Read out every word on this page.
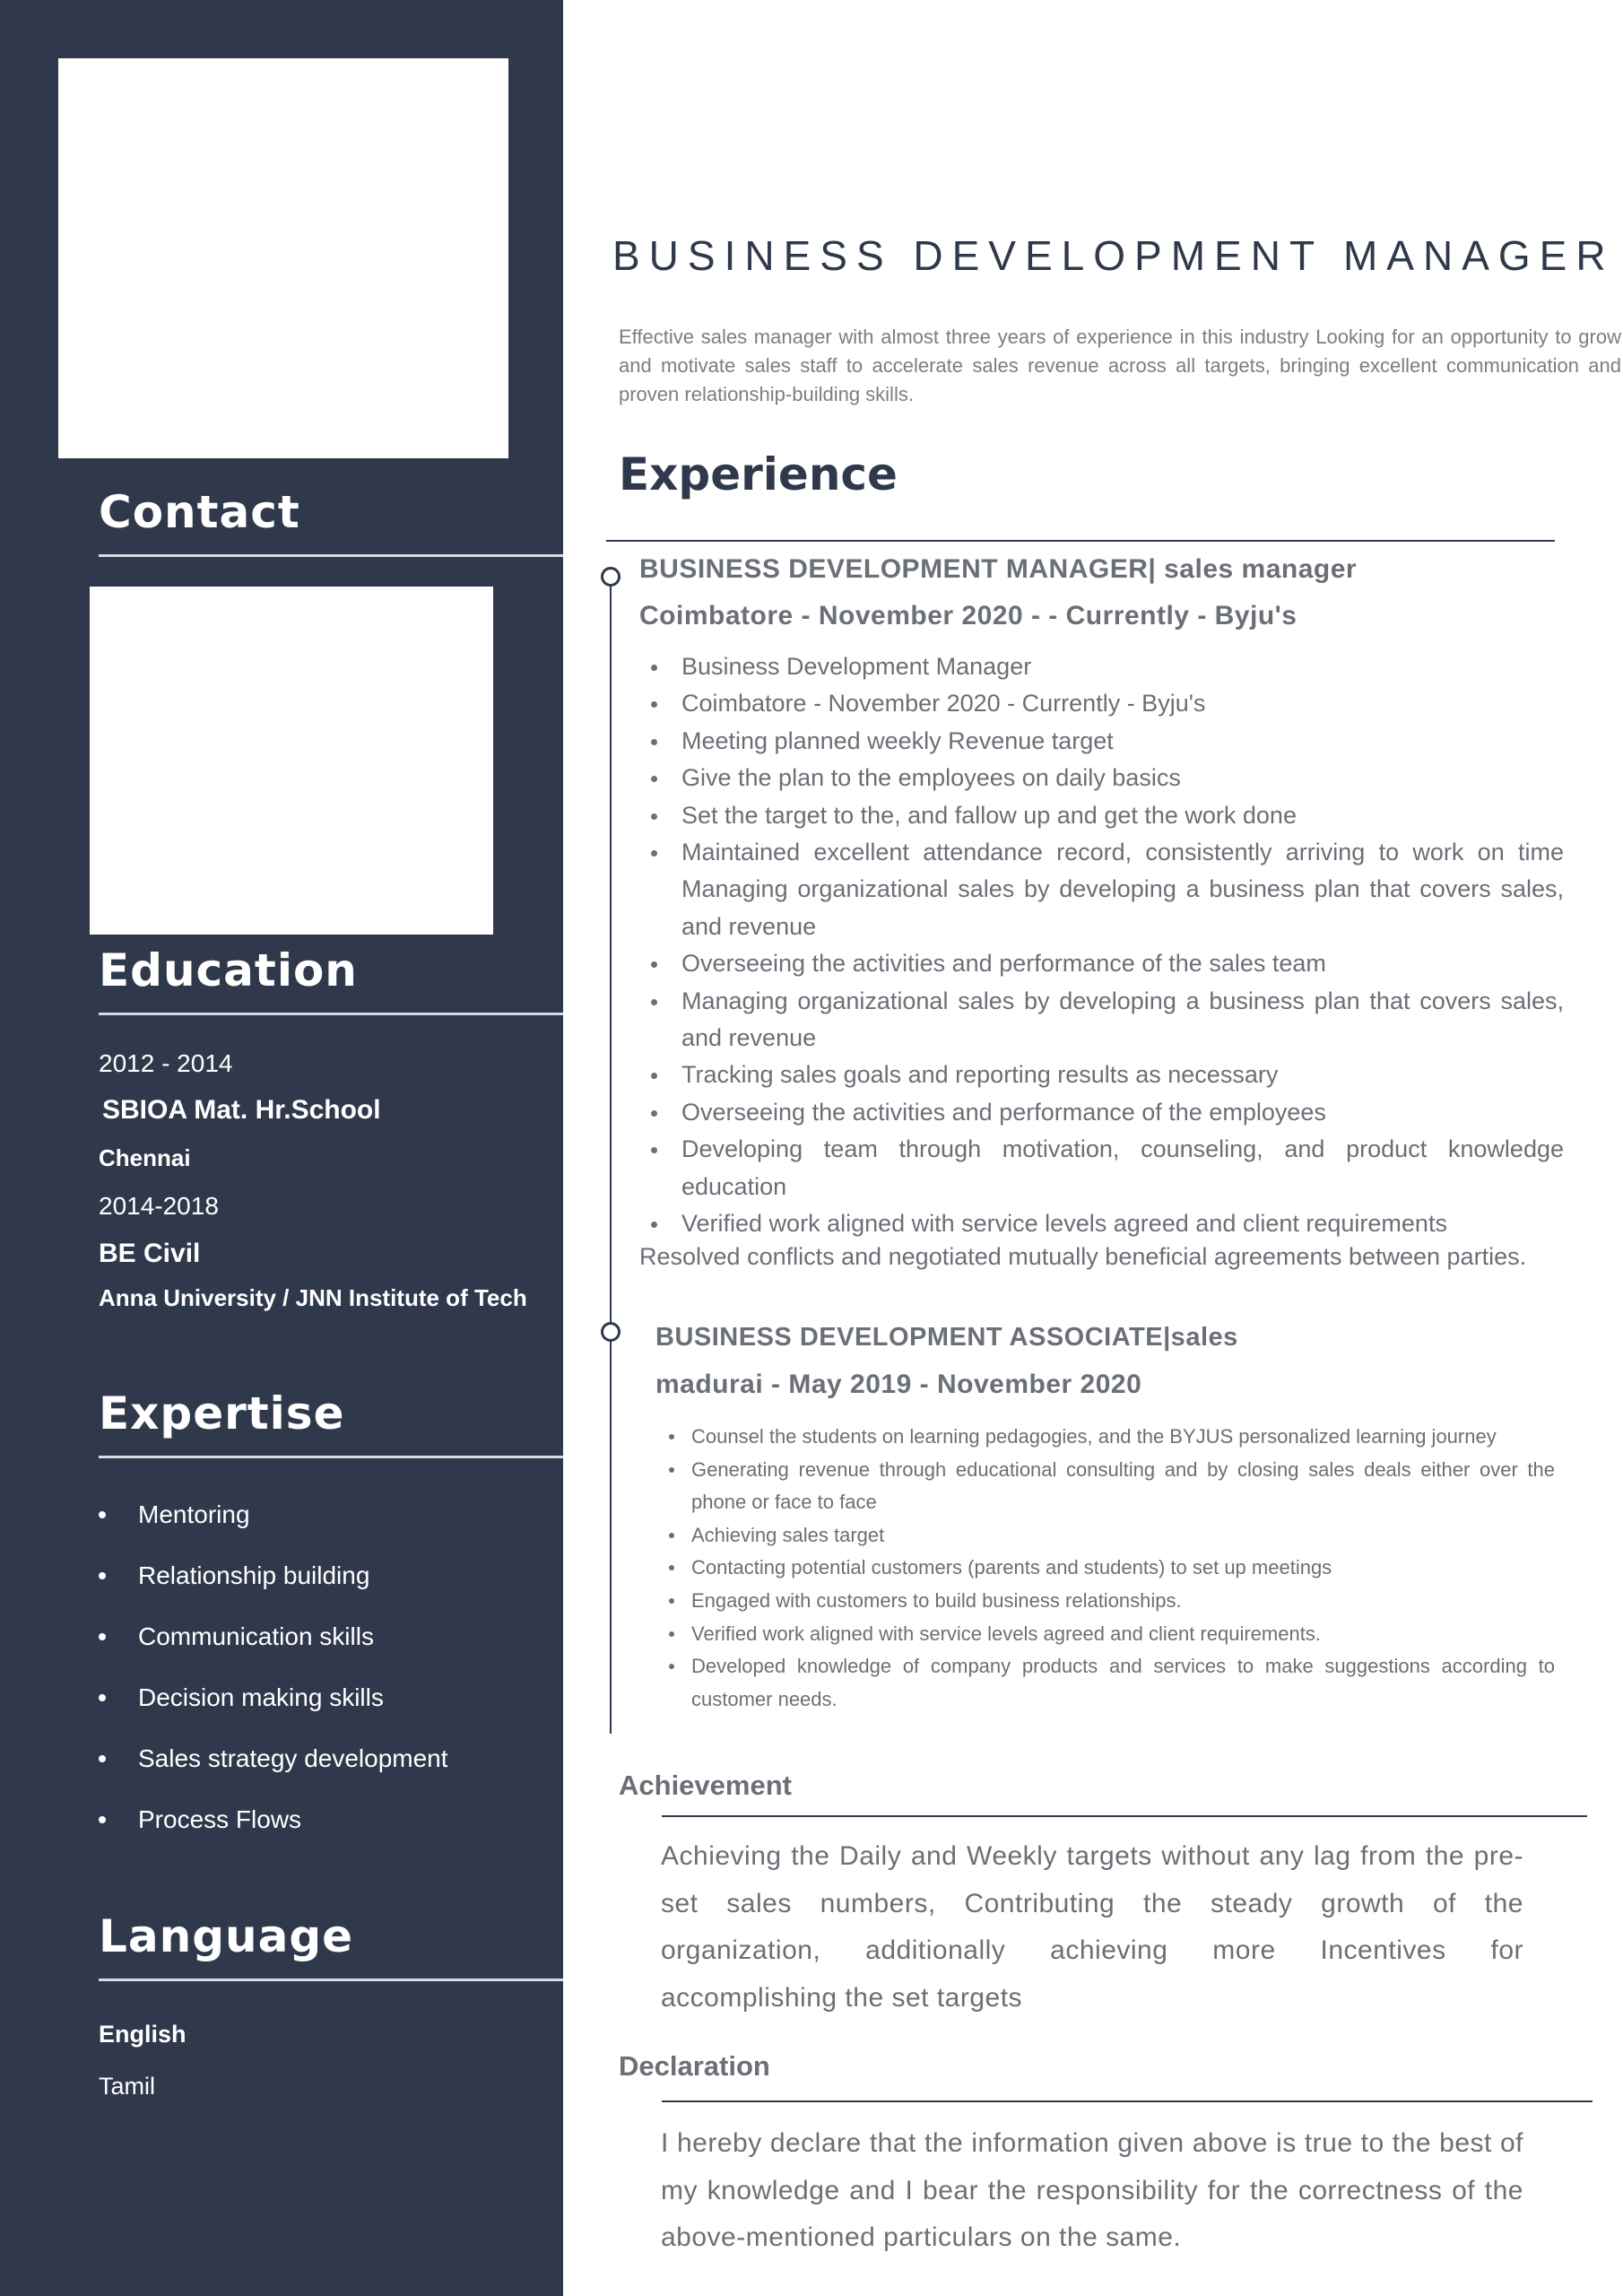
Contact
Education
2012 - 2014
SBIOA Mat. Hr.School
Chennai
2014-2018
BE Civil
Anna University / JNN Institute of Tech
Expertise
Mentoring
Relationship building
Communication skills
Decision making skills
Sales strategy development
Process Flows
Language
English
Tamil
BUSINESS DEVELOPMENT MANAGER

Effective sales manager with almost three years of experience in this industry Looking for an opportunity to grow and motivate sales staff to accelerate sales revenue across all targets, bringing excellent communication and proven relationship-building skills.

Experience
BUSINESS DEVELOPMENT MANAGER| sales manager
Coimbatore - November 2020 - - Currently - Byju's
Business Development Manager
Coimbatore - November 2020 - Currently - Byju's
Meeting planned weekly Revenue target
Give the plan to the employees on daily basics
Set the target to the, and fallow up and get the work done
Maintained excellent attendance record, consistently arriving to work on time Managing organizational sales by developing a business plan that covers sales, and revenue
Overseeing the activities and performance of the sales team
Managing organizational sales by developing a business plan that covers sales, and revenue
Tracking sales goals and reporting results as necessary
Overseeing the activities and performance of the employees
Developing team through motivation, counseling, and product knowledge education
Verified work aligned with service levels agreed and client requirements

Resolved conflicts and negotiated mutually beneficial agreements between parties.

BUSINESS DEVELOPMENT ASSOCIATE|sales
madurai - May 2019 - November 2020
Counsel the students on learning pedagogies, and the BYJUS personalized learning journey
Generating revenue through educational consulting and by closing sales deals either over the phone or face to face
Achieving sales target
Contacting potential customers (parents and students) to set up meetings
Engaged with customers to build business relationships.
Verified work aligned with service levels agreed and client requirements.
Developed knowledge of company products and services to make suggestions according to customer needs.
Achievement

Achieving the Daily and Weekly targets without any lag from the pre-set sales numbers, Contributing the steady growth of the organization, additionally achieving more Incentives for accomplishing the set targets

Declaration

I hereby declare that the information given above is true to the best of my knowledge and I bear the responsibility for the correctness of the above-mentioned particulars on the same.
